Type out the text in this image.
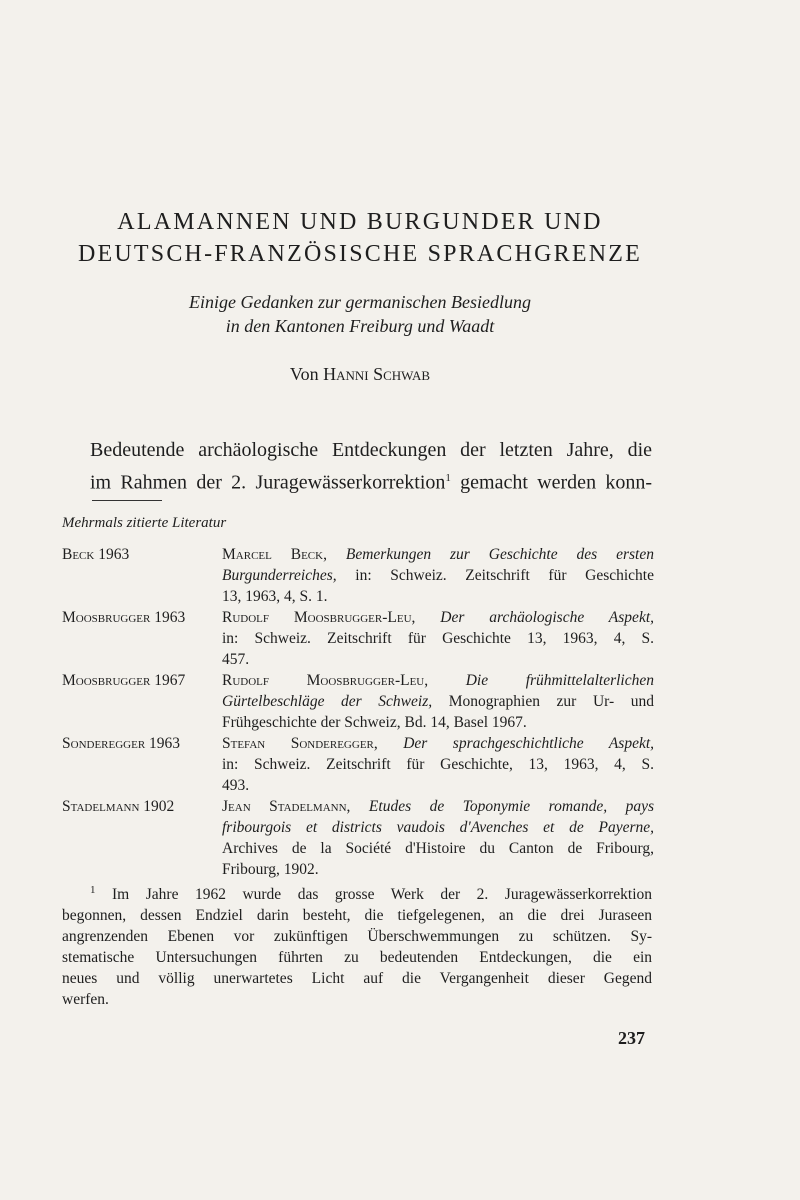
ALAMANNEN UND BURGUNDER UND
DEUTSCH-FRANZÖSISCHE SPRACHGRENZE
Einige Gedanken zur germanischen Besiedlung
in den Kantonen Freiburg und Waadt
Von Hanni Schwab
Bedeutende archäologische Entdeckungen der letzten Jahre, die
im Rahmen der 2. Juragewässerkorrektion$^1$ gemacht werden konn-
Mehrmals zitierte Literatur
Beck 1963	Marcel Beck, Bemerkungen zur Geschichte des ersten
Burgunderreiches, in: Schweiz. Zeitschrift für Geschichte
13, 1963, 4, S. 1.
Moosbrugger 1963	Rudolf Moosbrugger-Leu, Der archäologische Aspekt,
in: Schweiz. Zeitschrift für Geschichte 13, 1963, 4, S.
457.
Moosbrugger 1967	Rudolf Moosbrugger-Leu, Die frühmittelalterlichen
Gürtelbeschläge der Schweiz, Monographien zur Ur- und
Frühgeschichte der Schweiz, Bd. 14, Basel 1967.
Sonderegger 1963	Stefan Sonderegger, Der sprachgeschichtliche Aspekt,
in: Schweiz. Zeitschrift für Geschichte, 13, 1963, 4, S.
493.
Stadelmann 1902	Jean Stadelmann, Etudes de Toponymie romande, pays
fribourgois et districts vaudois d'Avenches et de Payerne,
Archives de la Société d'Histoire du Canton de Fribourg,
Fribourg, 1902.
$^1$ Im Jahre 1962 wurde das grosse Werk der 2. Juragewässerkorrektion
begonnen, dessen Endziel darin besteht, die tiefgelegenen, an die drei Juraseen
angrenzenden Ebenen vor zukünftigen Überschwemmungen zu schützen. Sy-
stematische Untersuchungen führten zu bedeutenden Entdeckungen, die ein
neues und völlig unerwartetes Licht auf die Vergangenheit dieser Gegend
werfen.
237
